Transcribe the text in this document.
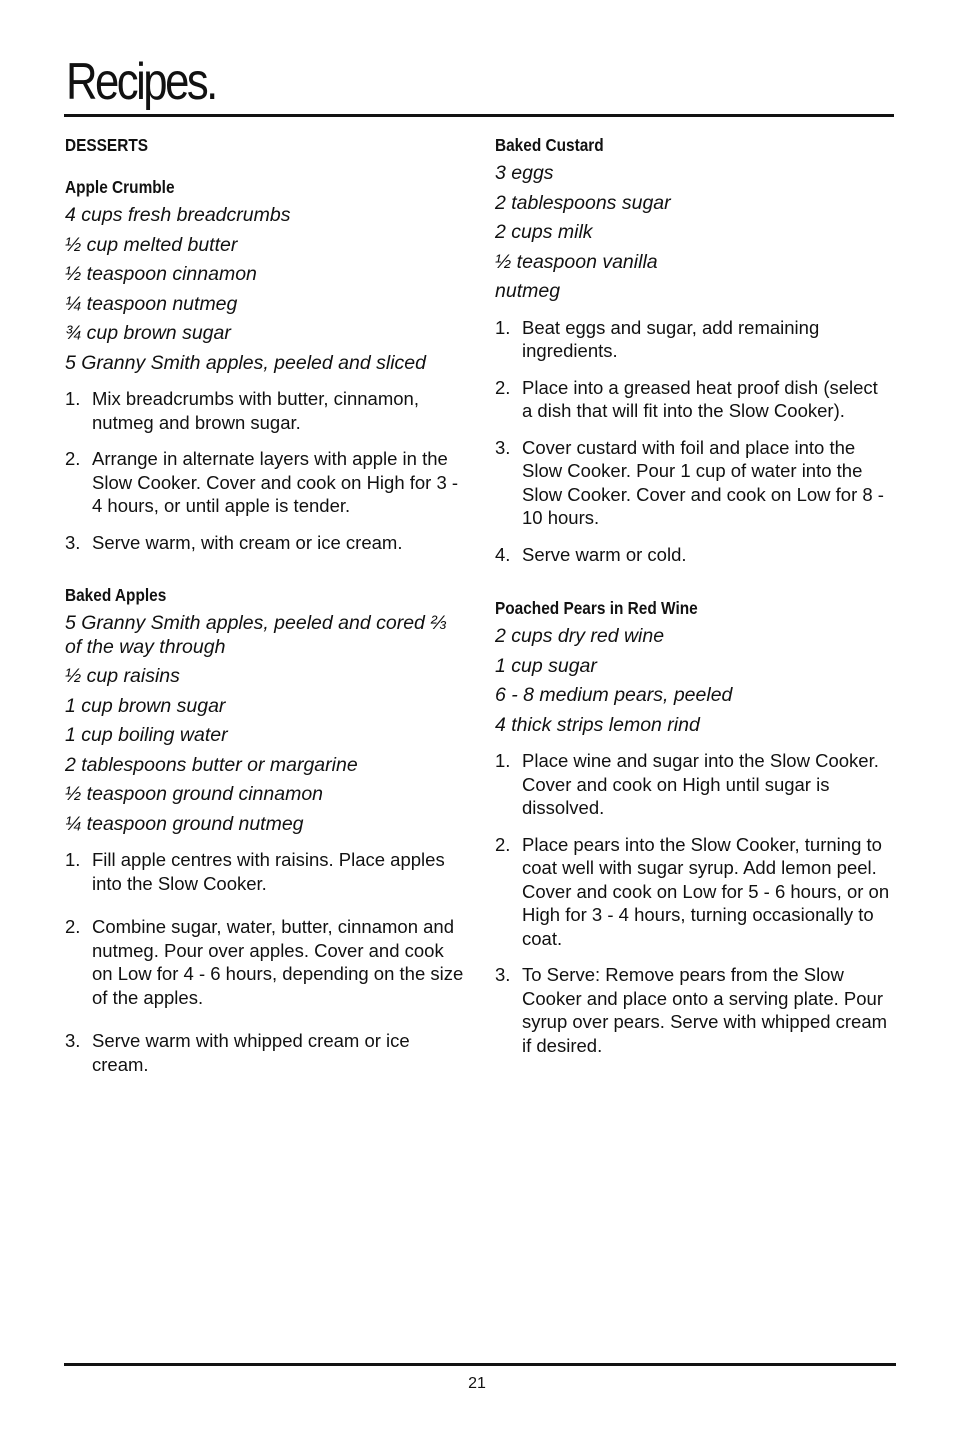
Recipes.
DESSERTS
Apple Crumble
4 cups fresh breadcrumbs
½ cup melted butter
½ teaspoon cinnamon
¼ teaspoon nutmeg
¾ cup brown sugar
5 Granny Smith apples, peeled and sliced
1. Mix breadcrumbs with butter, cinnamon, nutmeg and brown sugar.
2. Arrange in alternate layers with apple in the Slow Cooker. Cover and cook on High for 3 - 4 hours, or until apple is tender.
3. Serve warm, with cream or ice cream.
Baked Apples
5 Granny Smith apples, peeled and cored ⅔ of the way through
½ cup raisins
1 cup brown sugar
1 cup boiling water
2 tablespoons butter or margarine
½ teaspoon ground cinnamon
¼ teaspoon ground nutmeg
1. Fill apple centres with raisins. Place apples into the Slow Cooker.
2. Combine sugar, water, butter, cinnamon and nutmeg. Pour over apples. Cover and cook on Low for 4 - 6 hours, depending on the size of the apples.
3. Serve warm with whipped cream or ice cream.
Baked Custard
3 eggs
2 tablespoons sugar
2 cups milk
½ teaspoon vanilla
nutmeg
1. Beat eggs and sugar, add remaining ingredients.
2. Place into a greased heat proof dish (select a dish that will fit into the Slow Cooker).
3. Cover custard with foil and place into the Slow Cooker. Pour 1 cup of water into the Slow Cooker. Cover and cook on Low for 8 - 10 hours.
4. Serve warm or cold.
Poached Pears in Red Wine
2 cups dry red wine
1 cup sugar
6 - 8 medium pears, peeled
4 thick strips lemon rind
1. Place wine and sugar into the Slow Cooker. Cover and cook on High until sugar is dissolved.
2. Place pears into the Slow Cooker, turning to coat well with sugar syrup. Add lemon peel. Cover and cook on Low for 5 - 6 hours, or on High for 3 - 4 hours, turning occasionally to coat.
3. To Serve: Remove pears from the Slow Cooker and place onto a serving plate. Pour syrup over pears. Serve with whipped cream if desired.
21
